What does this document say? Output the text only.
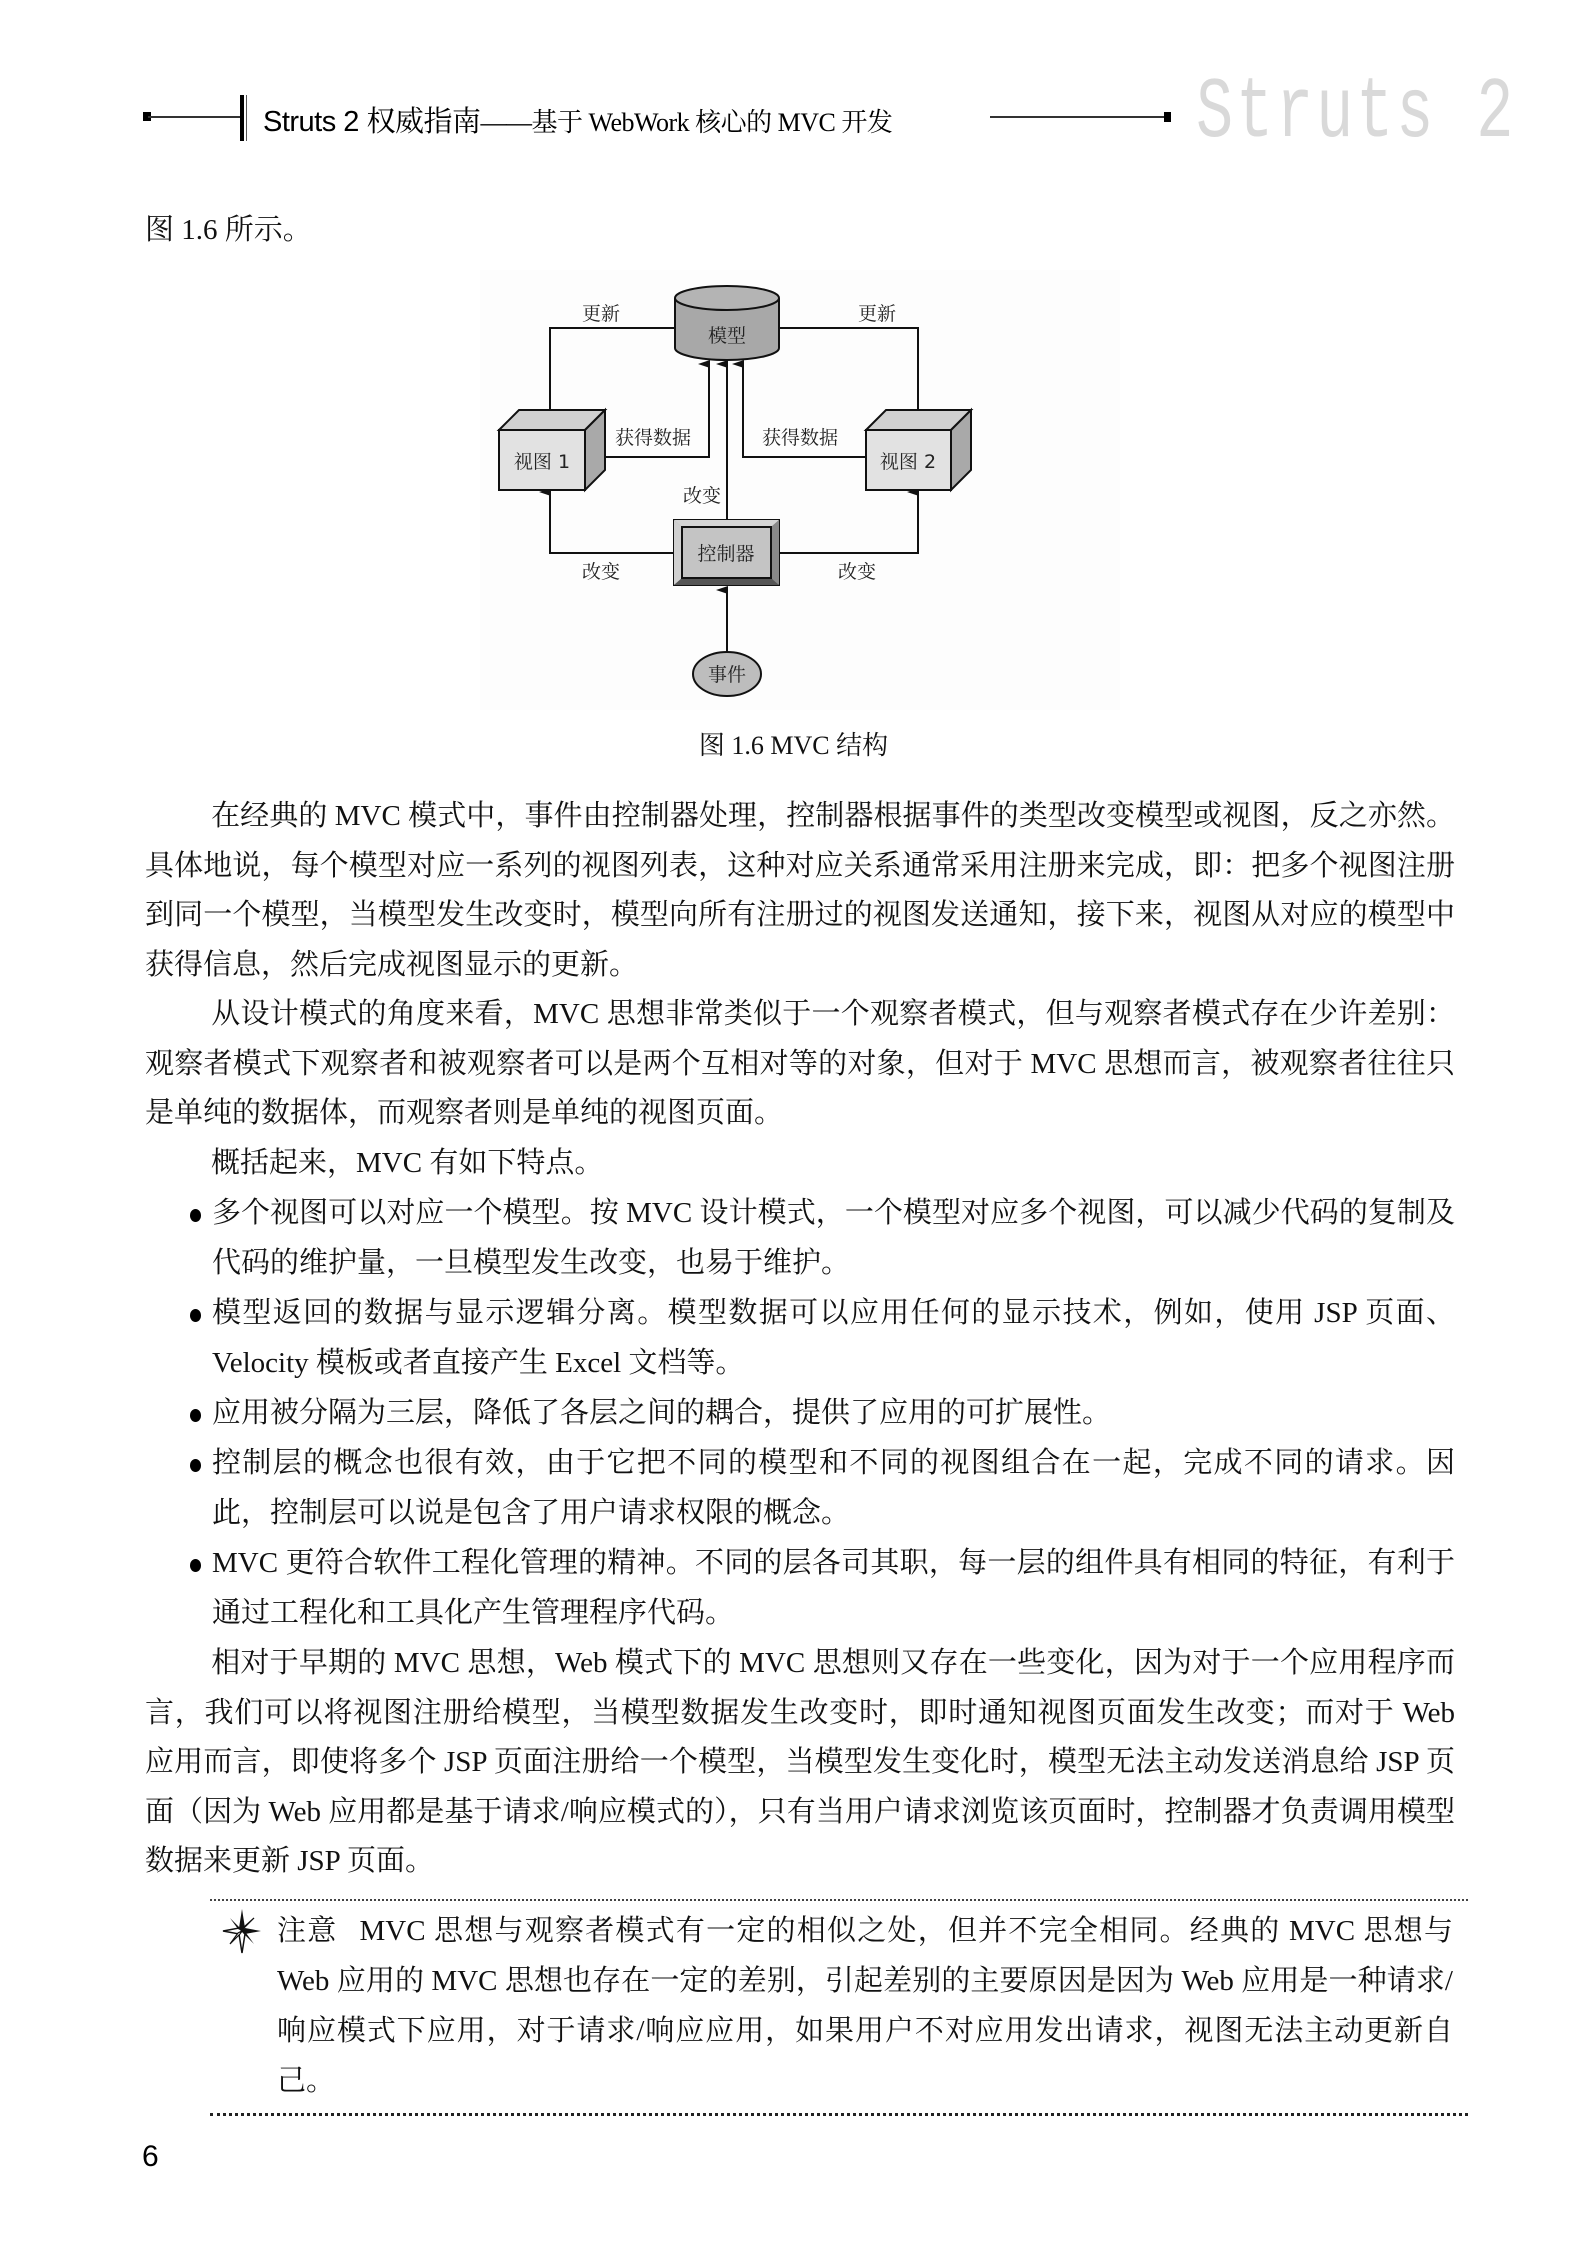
Struts 2 权威指南——基于 WebWork 核心的 MVC 开发	Struts 2
图 1.6 所示。
模型
视图 1	视图 2
控制器
事件
更新	更新
获得数据	获得数据
改变
改变	改变
图 1.6 MVC 结构
在经典的 MVC 模式中，事件由控制器处理，控制器根据事件的类型改变模型或视图，反之亦然。具体地说，每个模型对应一系列的视图列表，这种对应关系通常采用注册来完成，即：把多个视图注册到同一个模型，当模型发生改变时，模型向所有注册过的视图发送通知，接下来，视图从对应的模型中获得信息，然后完成视图显示的更新。
从设计模式的角度来看，MVC 思想非常类似于一个观察者模式，但与观察者模式存在少许差别：观察者模式下观察者和被观察者可以是两个互相对等的对象，但对于 MVC 思想而言，被观察者往往只是单纯的数据体，而观察者则是单纯的视图页面。
概括起来，MVC 有如下特点。
多个视图可以对应一个模型。按 MVC 设计模式，一个模型对应多个视图，可以减少代码的复制及代码的维护量，一旦模型发生改变，也易于维护。
模型返回的数据与显示逻辑分离。模型数据可以应用任何的显示技术，例如，使用 JSP 页面、Velocity 模板或者直接产生 Excel 文档等。
应用被分隔为三层，降低了各层之间的耦合，提供了应用的可扩展性。
控制层的概念也很有效，由于它把不同的模型和不同的视图组合在一起，完成不同的请求。因此，控制层可以说是包含了用户请求权限的概念。
MVC 更符合软件工程化管理的精神。不同的层各司其职，每一层的组件具有相同的特征，有利于通过工程化和工具化产生管理程序代码。
相对于早期的 MVC 思想，Web 模式下的 MVC 思想则又存在一些变化，因为对于一个应用程序而言，我们可以将视图注册给模型，当模型数据发生改变时，即时通知视图页面发生改变；而对于 Web 应用而言，即使将多个 JSP 页面注册给一个模型，当模型发生变化时，模型无法主动发送消息给 JSP 页面（因为 Web 应用都是基于请求/响应模式的），只有当用户请求浏览该页面时，控制器才负责调用模型数据来更新 JSP 页面。
注意 MVC 思想与观察者模式有一定的相似之处，但并不完全相同。经典的 MVC 思想与 Web 应用的 MVC 思想也存在一定的差别，引起差别的主要原因是因为 Web 应用是一种请求/响应模式下应用，对于请求/响应应用，如果用户不对应用发出请求，视图无法主动更新自己。
6
